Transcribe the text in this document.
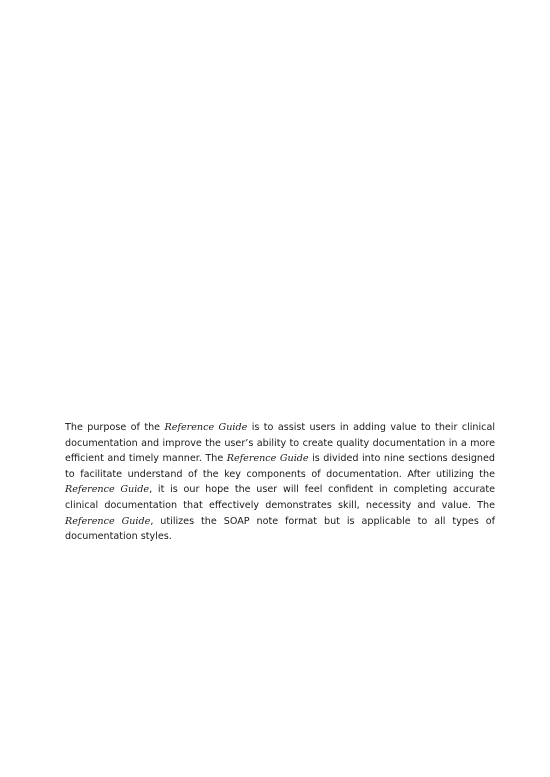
The purpose of the Reference Guide is to assist users in adding value to their clinical documentation and improve the user’s ability to create quality documentation in a more efficient and timely manner. The Reference Guide is divided into nine sections designed to facilitate understand of the key components of documentation. After utilizing the Reference Guide, it is our hope the user will feel confident in completing accurate clinical documentation that effectively demonstrates skill, necessity and value. The Reference Guide, utilizes the SOAP note format but is applicable to all types of documentation styles.
